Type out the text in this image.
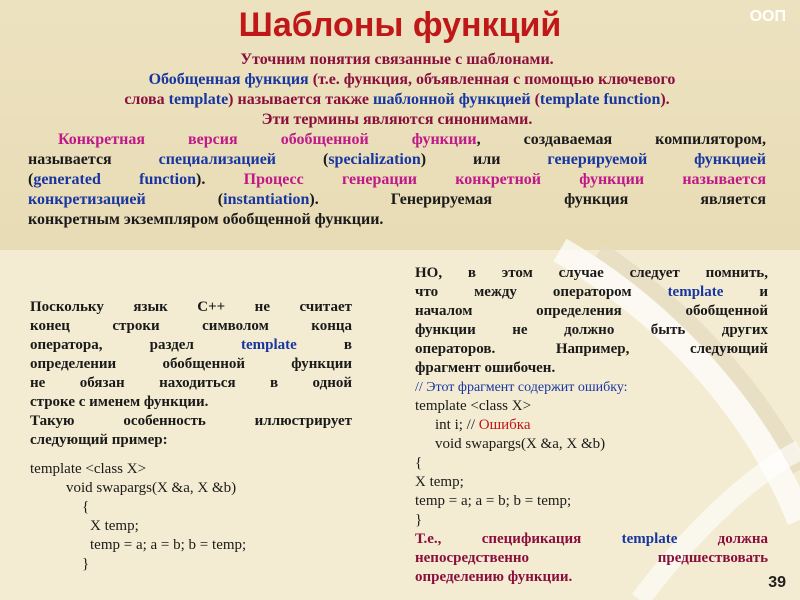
Шаблоны функций	ООП

Уточним понятия связанные с шаблонами.

Обобщенная функция (т.е. функция, объявленная с помощью ключевого

слова template) называется также шаблонной функцией (template function).

Эти термины являются синонимами.

Конкретная версия обобщенной функции, создаваемая компилятором,

называется специализацией (specialization) или генерируемой функцией

(generated function). Процесс генерации конкретной функции называется

конкретизацией (instantiation). Генерируемая функция является

конкретным экземпляром обобщенной функции.

Поскольку язык C++ не считает

конец строки символом конца

оператора, раздел template в

определении обобщенной функции

не обязан находиться в одной

строке с именем функции.

Такую особенность иллюстрирует

следующий пример:

template <class X>

void swapargs(X &a, X &b)

{

X temp;

temp = a; a = b; b = temp;

}

НО, в этом случае следует помнить,

что между оператором template и

началом определения обобщенной

функции не должно быть других

операторов. Например, следующий

фрагмент ошибочен.

// Этот фрагмент содержит ошибку:

template <class X>

int i; // Ошибка

void swapargs(X &a, X &b)

{

X temp;

temp = a; a = b; b = temp;

}

Т.е., спецификация template должна

непосредственно предшествовать

определению функции.	39
